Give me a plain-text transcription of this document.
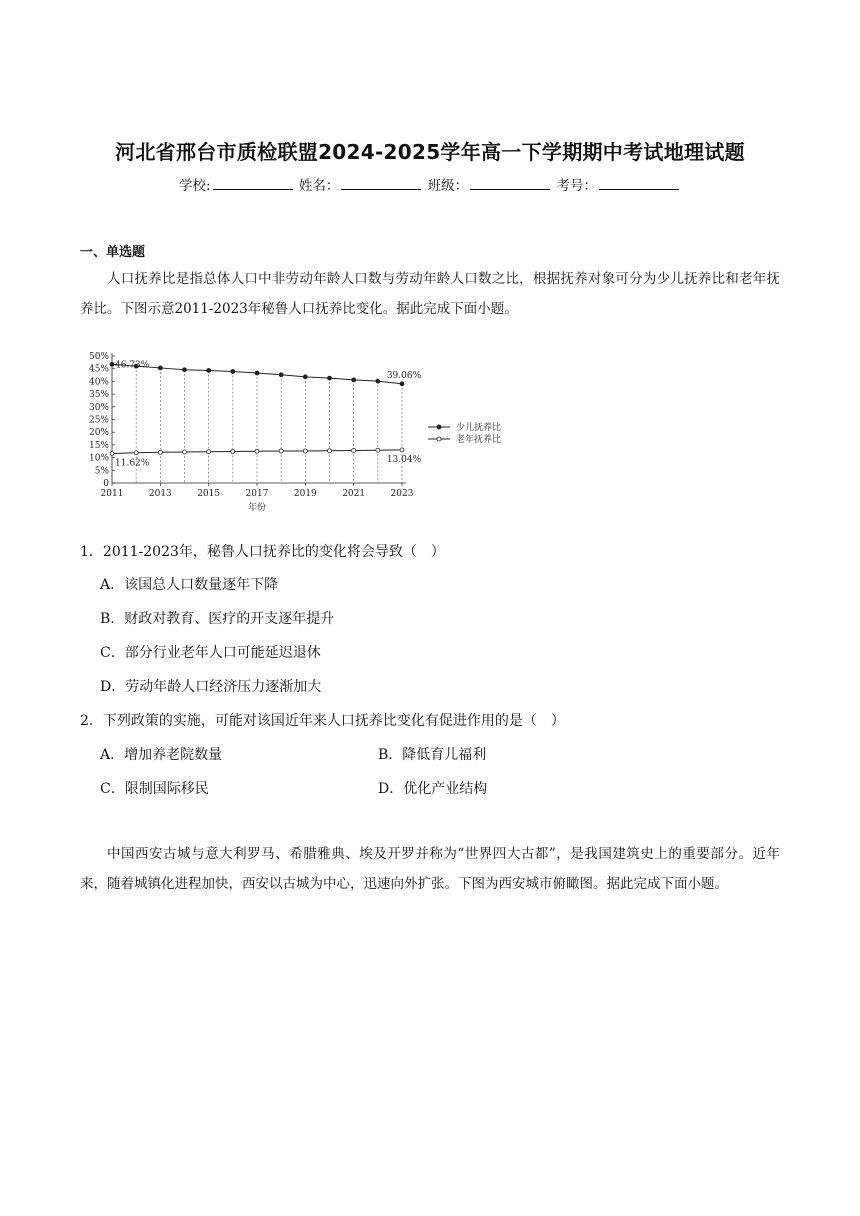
河北省邢台市质检联盟2024-2025学年高一下学期期中考试地理试题
学校:	姓名：	班级：	考号：
一、单选题
人口抚养比是指总体人口中非劳动年龄人口数与劳动年龄人口数之比，根据抚养对象可分为少儿抚养比和老年抚养比。下图示意2011-2023年秘鲁人口抚养比变化。据此完成下面小题。
50%
45%
40%
35%
30%
25%
20%
15%
10%
5%
0
2011	2013	2015	2017	2019	2021	2023
年份
46.73%
39.06%
11.62%	13.04%
少儿抚养比
老年抚养比
1．2011-2023年，秘鲁人口抚养比的变化将会导致（　）
A．该国总人口数量逐年下降
B．财政对教育、医疗的开支逐年提升
C．部分行业老年人口可能延迟退休
D．劳动年龄人口经济压力逐渐加大
2．下列政策的实施，可能对该国近年来人口抚养比变化有促进作用的是（　）
A．增加养老院数量	B．降低育儿福利
C．限制国际移民	D．优化产业结构
中国西安古城与意大利罗马、希腊雅典、埃及开罗并称为“世界四大古都”，是我国建筑史上的重要部分。近年来，随着城镇化进程加快，西安以古城为中心，迅速向外扩张。下图为西安城市俯瞰图。据此完成下面小题。
